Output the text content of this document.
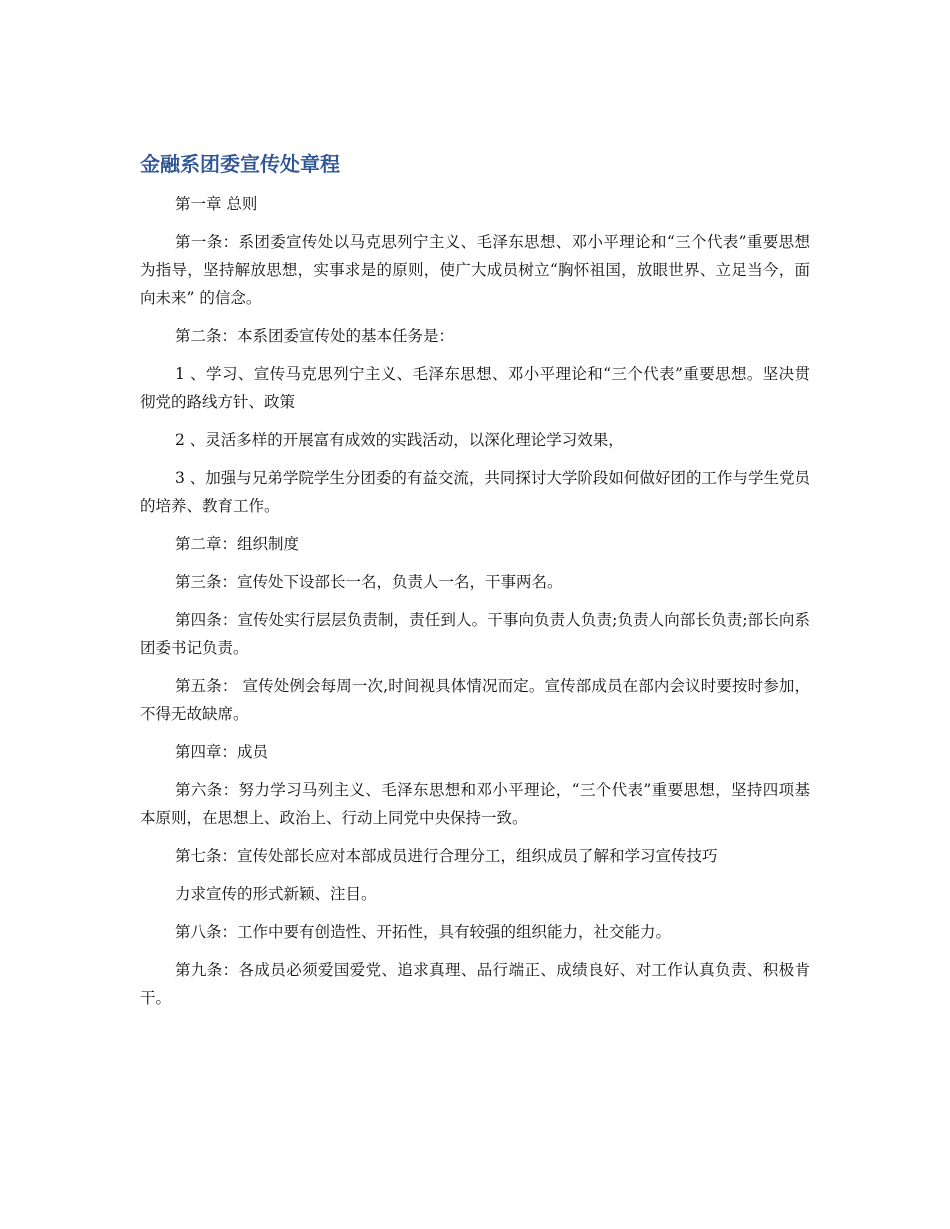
金融系团委宣传处章程

第一章 总则

第一条：系团委宣传处以马克思列宁主义、毛泽东思想、邓小平理论和“三个代表”重要思想为指导，坚持解放思想，实事求是的原则，使广大成员树立“胸怀祖国，放眼世界、立足当今，面向未来” 的信念。

第二条：本系团委宣传处的基本任务是：

1 、学习、宣传马克思列宁主义、毛泽东思想、邓小平理论和“三个代表”重要思想。坚决贯彻党的路线方针、政策

2 、灵活多样的开展富有成效的实践活动，以深化理论学习效果，

3 、加强与兄弟学院学生分团委的有益交流，共同探讨大学阶段如何做好团的工作与学生党员的培养、教育工作。

第二章：组织制度

第三条：宣传处下设部长一名，负责人一名，干事两名。

第四条：宣传处实行层层负责制，责任到人。干事向负责人负责;负责人向部长负责;部长向系团委书记负责。

第五条： 宣传处例会每周一次,时间视具体情况而定。宣传部成员在部内会议时要按时参加，不得无故缺席。

第四章：成员

第六条：努力学习马列主义、毛泽东思想和邓小平理论，“三个代表”重要思想，坚持四项基本原则，在思想上、政治上、行动上同党中央保持一致。

第七条：宣传处部长应对本部成员进行合理分工，组织成员了解和学习宣传技巧

力求宣传的形式新颖、注目。

第八条：工作中要有创造性、开拓性，具有较强的组织能力，社交能力。

第九条：各成员必须爱国爱党、追求真理、品行端正、成绩良好、对工作认真负责、积极肯干。
